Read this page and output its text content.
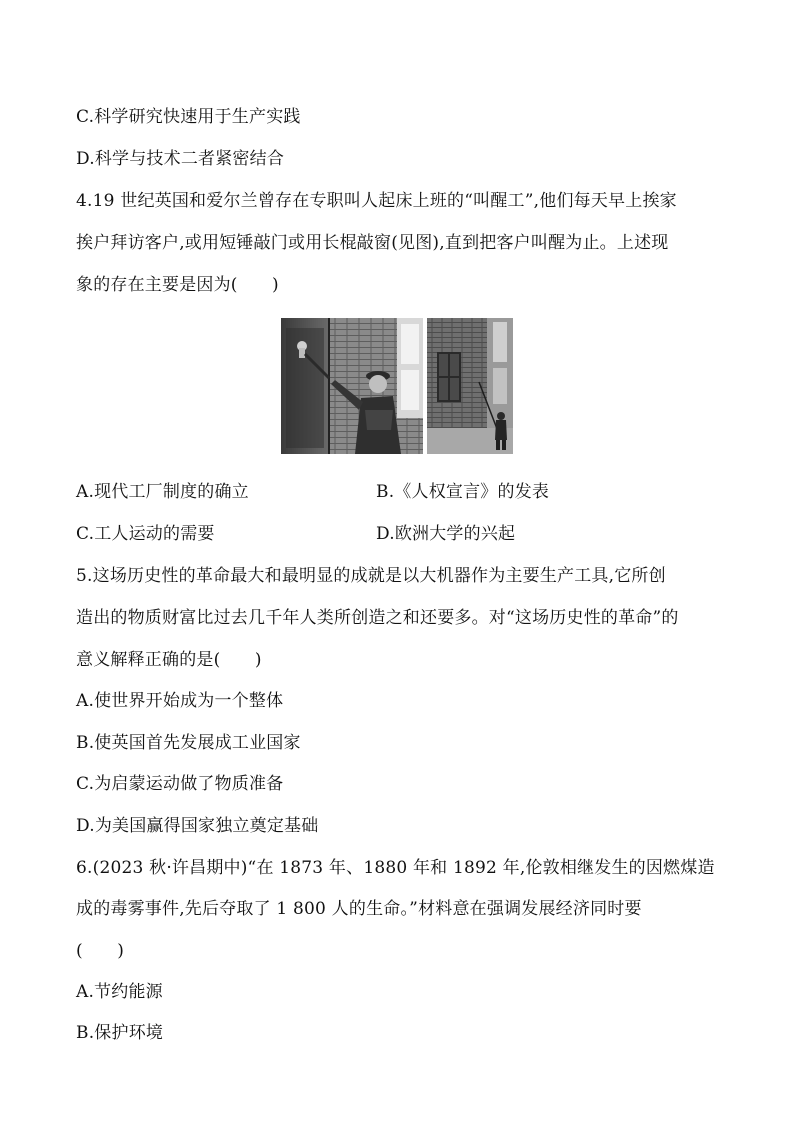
C.科学研究快速用于生产实践
D.科学与技术二者紧密结合
4.19 世纪英国和爱尔兰曾存在专职叫人起床上班的“叫醒工”,他们每天早上挨家
挨户拜访客户,或用短锤敲门或用长棍敲窗(见图),直到把客户叫醒为止。上述现
象的存在主要是因为(　　)
A.现代工厂制度的确立	B.《人权宣言》的发表
C.工人运动的需要	D.欧洲大学的兴起
5.这场历史性的革命最大和最明显的成就是以大机器作为主要生产工具,它所创
造出的物质财富比过去几千年人类所创造之和还要多。对“这场历史性的革命”的
意义解释正确的是(　　)
A.使世界开始成为一个整体
B.使英国首先发展成工业国家
C.为启蒙运动做了物质准备
D.为美国赢得国家独立奠定基础
6.(2023 秋·许昌期中)“在 1873 年、1880 年和 1892 年,伦敦相继发生的因燃煤造
成的毒雾事件,先后夺取了 1 800 人的生命。”材料意在强调发展经济同时要
(　　)
A.节约能源
B.保护环境
